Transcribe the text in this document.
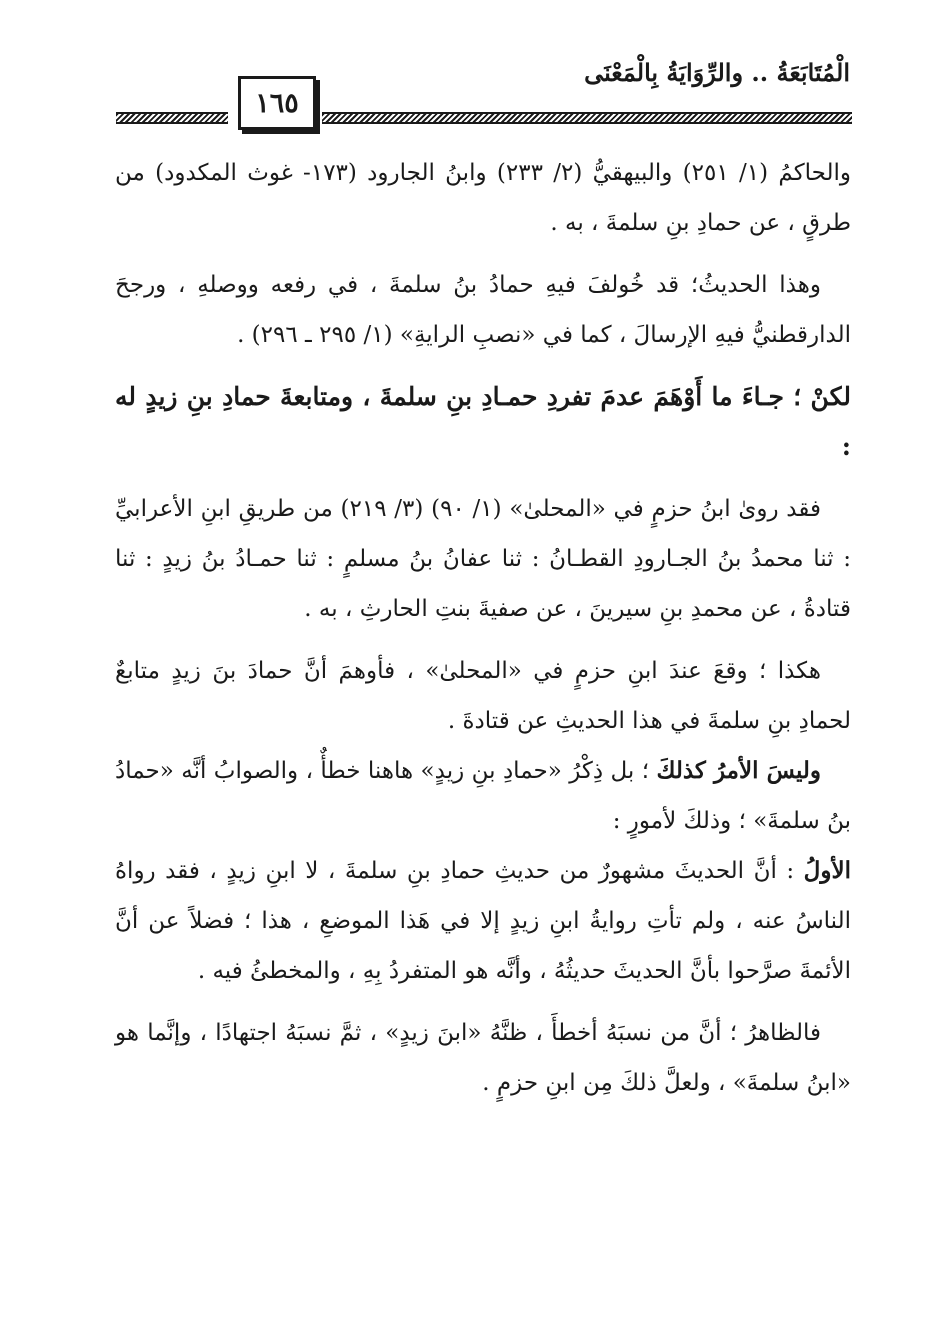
الْمُتَابَعَةُ .. والرِّوَايَةُ بِالْمَعْنَى
١٦٥

والحاكمُ (١/ ٢٥١) والبيهقيُّ (٢/ ٢٣٣) وابنُ الجارود (١٧٣- غوث المكدود) من طرقٍ ، عن حمادِ بنِ سلمةَ ، به .

وهذا الحديثُ؛ قد خُولفَ فيهِ حمادُ بنُ سلمةَ ، في رفعه ووصلهِ ، ورجحَ الدارقطنيُّ فيهِ الإرسالَ ، كما في «نصبِ الرايةِ» (١/ ٢٩٥ ـ ٢٩٦) .

لكنْ ؛ جـاءَ ما أَوْهَمَ عدمَ تفردِ حمـادِ بنِ سلمةَ ، ومتابعةَ حمادِ بنِ زيدٍ له :

فقد روىٰ ابنُ حزمٍ في «المحلىٰ» (١/ ٩٠) (٣/ ٢١٩) من طريقِ ابنِ الأعرابيِّ : ثنا محمدُ بنُ الجـارودِ القطـانُ : ثنا عفانُ بنُ مسلمٍ : ثنا حمـادُ بنُ زيدٍ : ثنا قتادةُ ، عن محمدِ بنِ سيرينَ ، عن صفيةَ بنتِ الحارثِ ، به .

هكذا ؛ وقعَ عندَ ابنِ حزمٍ في «المحلىٰ» ، فأوهمَ أنَّ حمادَ بنَ زيدٍ متابعٌ لحمادِ بنِ سلمةَ في هذا الحديثِ عن قتادةَ .

وليسَ الأمرُ كذلكَ ؛ بل ذِكْرُ «حمادِ بنِ زيدٍ» هاهنا خطأٌ ، والصوابُ أنَّه «حمادُ بنُ سلمةَ» ؛ وذلكَ لأمورٍ :

الأولُ : أنَّ الحديثَ مشهورٌ من حديثِ حمادِ بنِ سلمةَ ، لا ابنِ زيدٍ ، فقد رواهُ الناسُ عنه ، ولم تأتِ روايةُ ابنِ زيدٍ إلا في هَذا الموضعِ ، هذا ؛ فضلاً عن أنَّ الأئمةَ صرَّحوا بأنَّ الحديثَ حديثُهُ ، وأنَّه هو المتفردُ بِهِ ، والمخطئُ فيه .

فالظاهرُ ؛ أنَّ من نسبَهُ أخطأَ ، ظنَّهُ «ابنَ زيدٍ» ، ثمَّ نسبَهُ اجتهادًا ، وإنَّما هو «ابنُ سلمةَ» ، ولعلَّ ذلكَ مِن ابنِ حزمٍ .
